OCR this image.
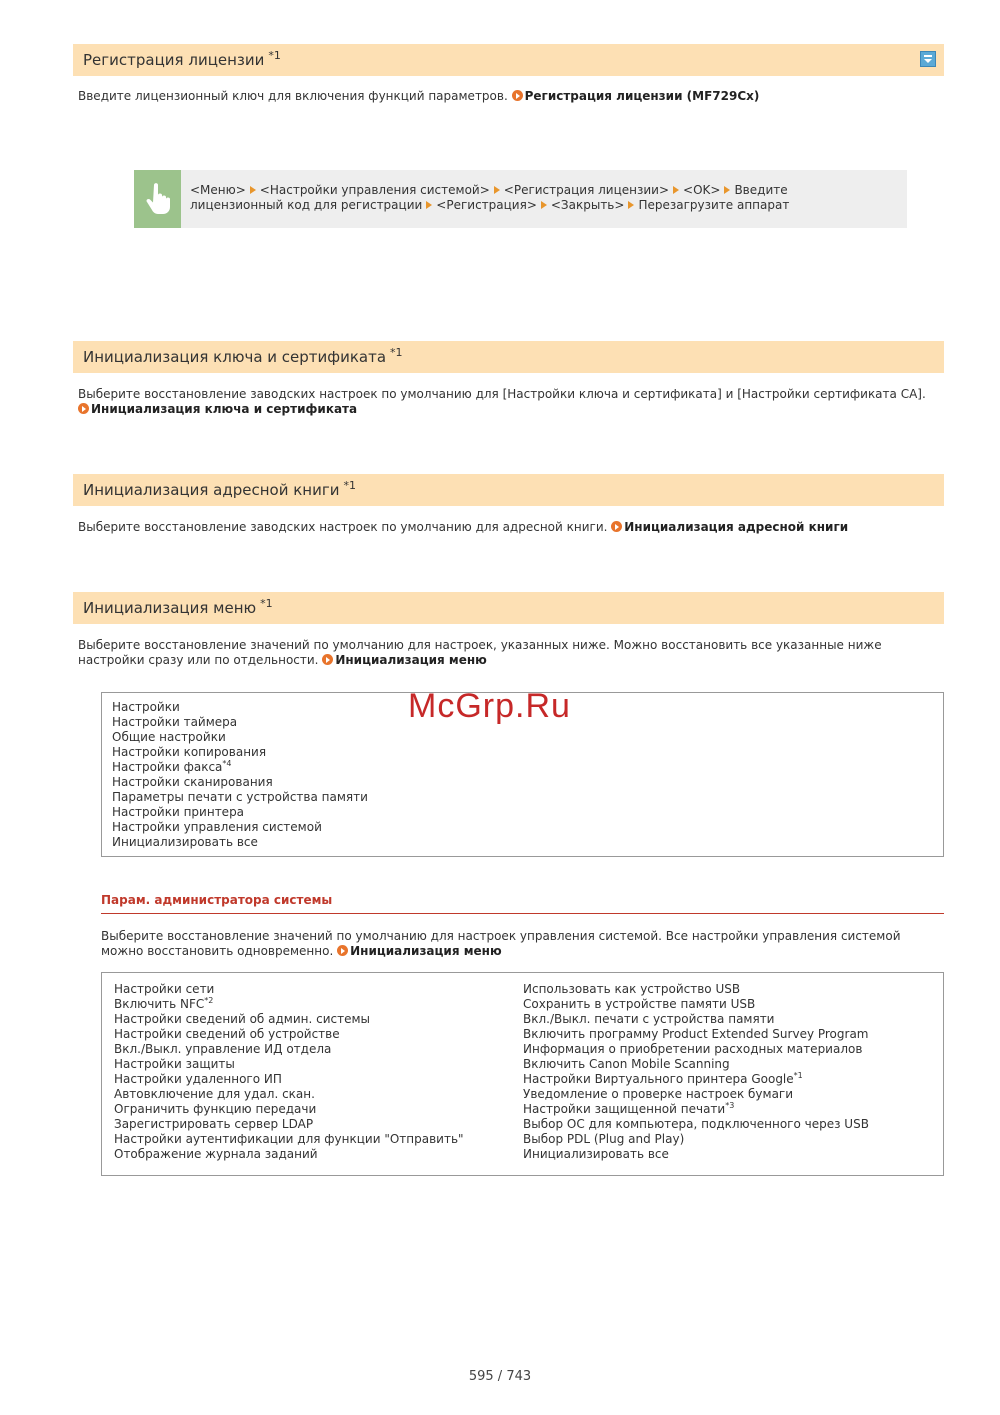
Регистрация лицензии $^{*1}$
Введите лицензионный ключ для включения функций параметров. Регистрация лицензии (MF729Cx)
<Меню> <Настройки управления системой> <Регистрация лицензии> <OK> Введите
лицензионный код для регистрации <Регистрация> <Закрыть> Перезагрузите аппарат
Инициализация ключа и сертификата $^{*1}$
Выберите восстановление заводских настроек по умолчанию для [Настройки ключа и сертификата] и [Настройки сертификата CA].
Инициализация ключа и сертификата
Инициализация адресной книги $^{*1}$
Выберите восстановление заводских настроек по умолчанию для адресной книги. Инициализация адресной книги
Инициализация меню $^{*1}$
Выберите восстановление значений по умолчанию для настроек, указанных ниже. Можно восстановить все указанные ниже
настройки сразу или по отдельности. Инициализация меню
Настройки
Настройки таймера
Общие настройки
Настройки копирования
Настройки факса$^{*4}$
Настройки сканирования
Параметры печати с устройства памяти
Настройки принтера
Настройки управления системой
Инициализировать все
McGrp.Ru
Парам. администратора системы
Выберите восстановление значений по умолчанию для настроек управления системой. Все настройки управления системой
можно восстановить одновременно. Инициализация меню
Настройки сети
Включить NFC$^{*2}$
Настройки сведений об админ. системы
Настройки сведений об устройстве
Вкл./Выкл. управление ИД отдела
Настройки защиты
Настройки удаленного ИП
Автовключение для удал. скан.
Ограничить функцию передачи
Зарегистрировать сервер LDAP
Настройки аутентификации для функции "Отправить"
Отображение журнала заданий
Использовать как устройство USB
Сохранить в устройстве памяти USB
Вкл./Выкл. печати с устройства памяти
Включить программу Product Extended Survey Program
Информация о приобретении расходных материалов
Включить Canon Mobile Scanning
Настройки Виртуального принтера Google$^{*1}$
Уведомление о проверке настроек бумаги
Настройки защищенной печати$^{*3}$
Выбор ОС для компьютера, подключенного через USB
Выбор PDL (Plug and Play)
Инициализировать все
595 / 743
